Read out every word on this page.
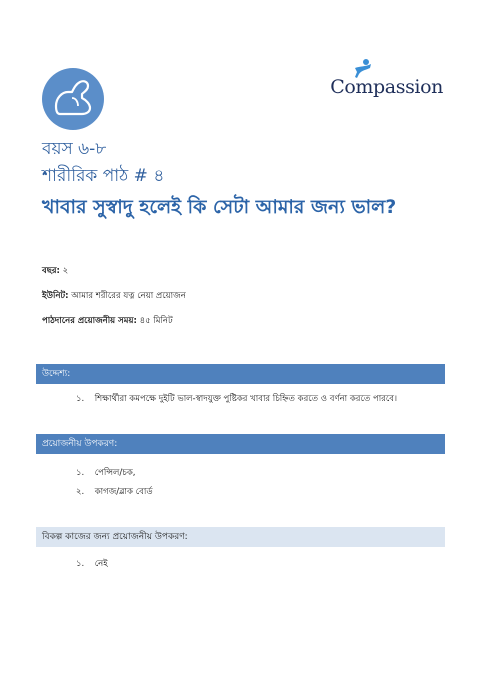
Compassion
বয়স ৬-৮
শারীরিক পাঠ # ৪
খাবার সুস্বাদু হলেই কি সেটা আমার জন্য ভাল?
বছর: ২
ইউনিট: আমার শরীরের যত্ন নেয়া প্রয়োজন
পাঠদানের প্রয়োজনীয় সময়: ৪৫ মিনিট
উদ্দেশ্য:
১. শিক্ষার্থীরা কমপক্ষে দুইটি ভাল-স্বাদযুক্ত পুষ্টিকর খাবার চিহ্নিত করতে ও বর্ণনা করতে পারবে।
প্রয়োজনীয় উপকরণ:
১. পেন্সিল/চক,
২. কাগজ/ব্লাক বোর্ড
বিকল্প কাজের জন্য প্রয়োজনীয় উপকরণ:
১. নেই
